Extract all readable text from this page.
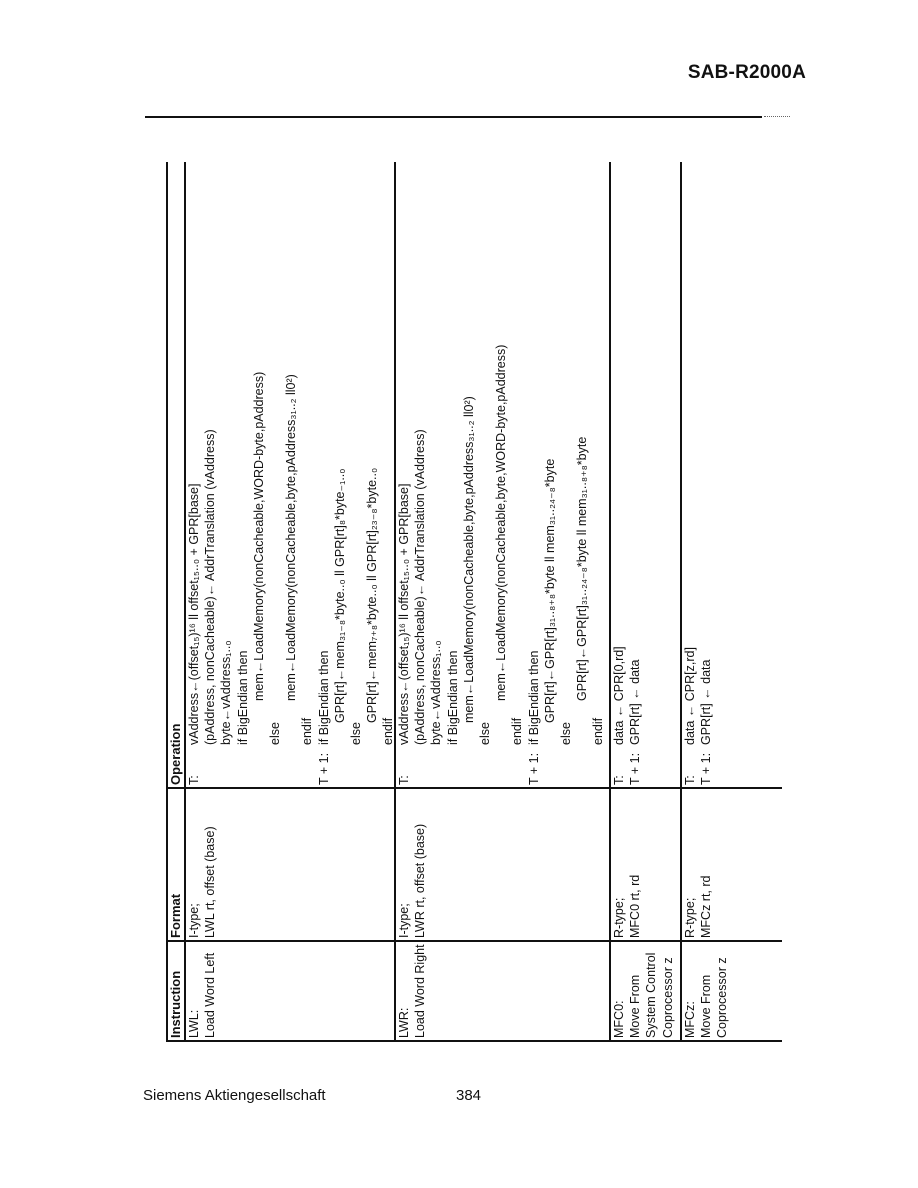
SAB-R2000A
Instruction
Format
Operation
LWL: Load Word Left
I-type; LWL rt, offset (base)
T:vAddress←(offset₁₅)¹⁶ ll offset₁₅..₀ + GPR[base] (pAddress, nonCacheable)← AddrTranslation (vAddress) byte←vAddress₁..₀ if BigEndian then mem←LoadMemory(nonCacheable,WORD-byte,pAddress)
else
mem←LoadMemory(nonCacheable,byte,pAddress₃₁..₂ ll0²)
endif
T + 1:if BigEndian then GPR[rt]←mem₃₁₋₈*byte..₀ ll GPR[rt]₈*byte₋₁..₀
else
GPR[rt]←mem₇₊₈*byte..₀ ll GPR[rt]₂₃₋₈*byte..₀
endif
LWR: Load Word Right
I-type; LWR rt, offset (base)
T:vAddress←(offset₁₅)¹⁶ ll offset₁₅..₀ + GPR[base] (pAddress, nonCacheable)← AddrTranslation (vAddress) byte←vAddress₁..₀ if BigEndian then mem←LoadMemory(nonCacheable,byte,pAddress₃₁..₂ ll0²)
else
mem←LoadMemory(nonCacheable,byte,WORD-byte,pAddress)
endif
T + 1:if BigEndian then GPR[rt]←GPR[rt]₃₁..₈₊₈*byte ll mem₃₁..₂₄₋₈*byte
else
GPR[rt]←GPR[rt]₃₁..₂₄₋₈*byte ll mem₃₁..₈₊₈*byte
endif
MFC0: Move From System Control Coprocessor z
R-type; MFC0 rt, rd
T:data ← CPR[0,rd]
T + 1:GPR[rt] ← data
MFCz: Move From Coprocessor z
R-type; MFCz rt, rd
T:data ← CPR[z,rd]
T + 1:GPR[rt] ← data
Siemens Aktiengesellschaft	384
